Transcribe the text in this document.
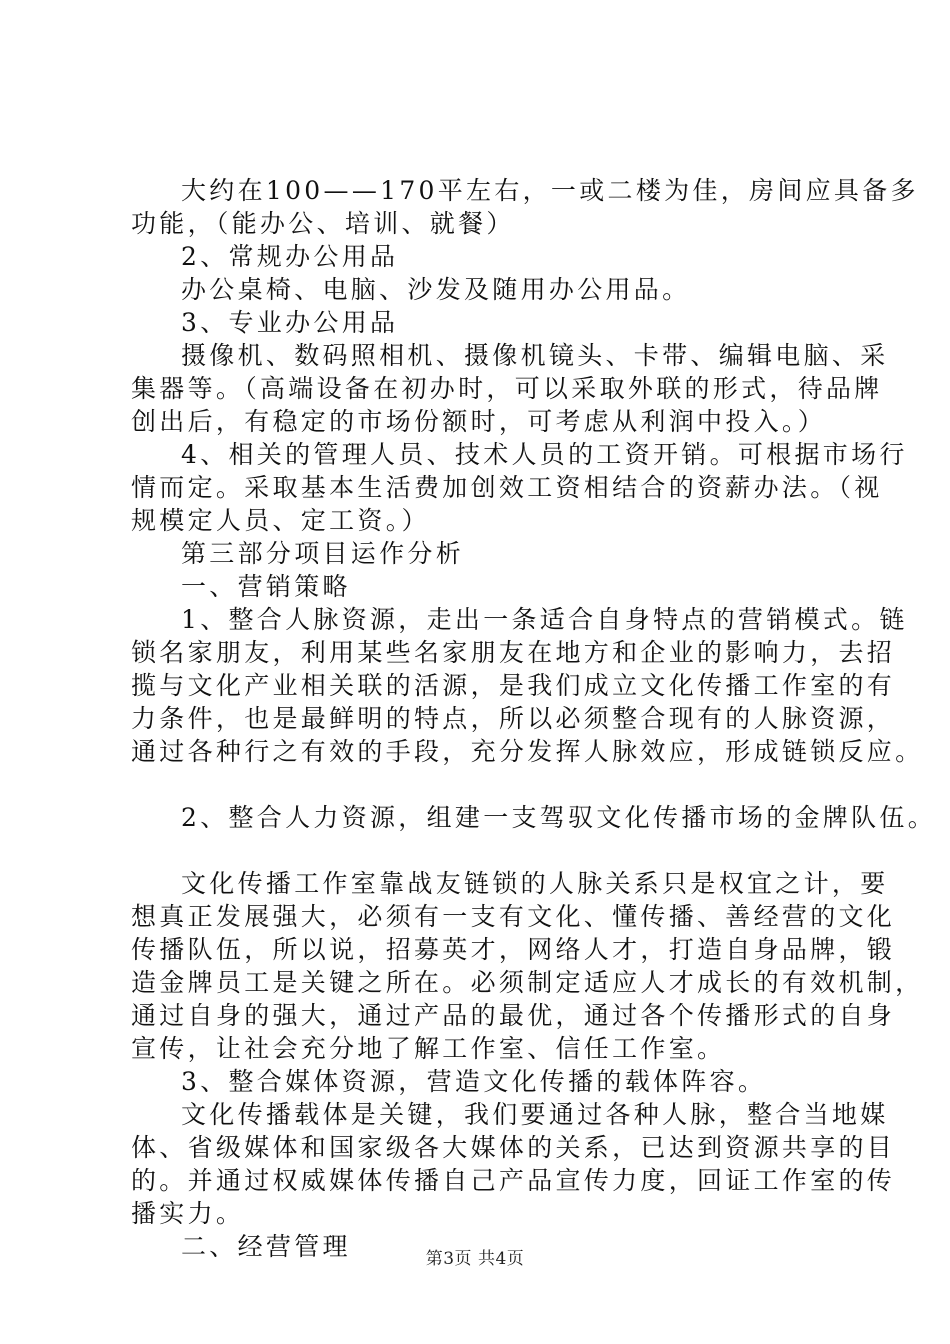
大约在100——170平左右，一或二楼为佳，房间应具备多

功能，（能办公、培训、就餐）

2、常规办公用品

办公桌椅、电脑、沙发及随用办公用品。

3、专业办公用品

摄像机、数码照相机、摄像机镜头、卡带、编辑电脑、采

集器等。（高端设备在初办时，可以采取外联的形式，待品牌

创出后，有稳定的市场份额时，可考虑从利润中投入。）

4、相关的管理人员、技术人员的工资开销。可根据市场行

情而定。采取基本生活费加创效工资相结合的资薪办法。（视

规模定人员、定工资。）

第三部分项目运作分析

一、营销策略

1、整合人脉资源，走出一条适合自身特点的营销模式。链

锁名家朋友，利用某些名家朋友在地方和企业的影响力，去招

揽与文化产业相关联的活源，是我们成立文化传播工作室的有

力条件，也是最鲜明的特点，所以必须整合现有的人脉资源，

通过各种行之有效的手段，充分发挥人脉效应，形成链锁反应。

2、整合人力资源，组建一支驾驭文化传播市场的金牌队伍。

文化传播工作室靠战友链锁的人脉关系只是权宜之计，要

想真正发展强大，必须有一支有文化、懂传播、善经营的文化

传播队伍，所以说，招募英才，网络人才，打造自身品牌，锻

造金牌员工是关键之所在。必须制定适应人才成长的有效机制，

通过自身的强大，通过产品的最优，通过各个传播形式的自身

宣传，让社会充分地了解工作室、信任工作室。

3、整合媒体资源，营造文化传播的载体阵容。

文化传播载体是关键，我们要通过各种人脉，整合当地媒

体、省级媒体和国家级各大媒体的关系，已达到资源共享的目

的。并通过权威媒体传播自己产品宣传力度，回证工作室的传

播实力。

二、经营管理	第3页 共4页
